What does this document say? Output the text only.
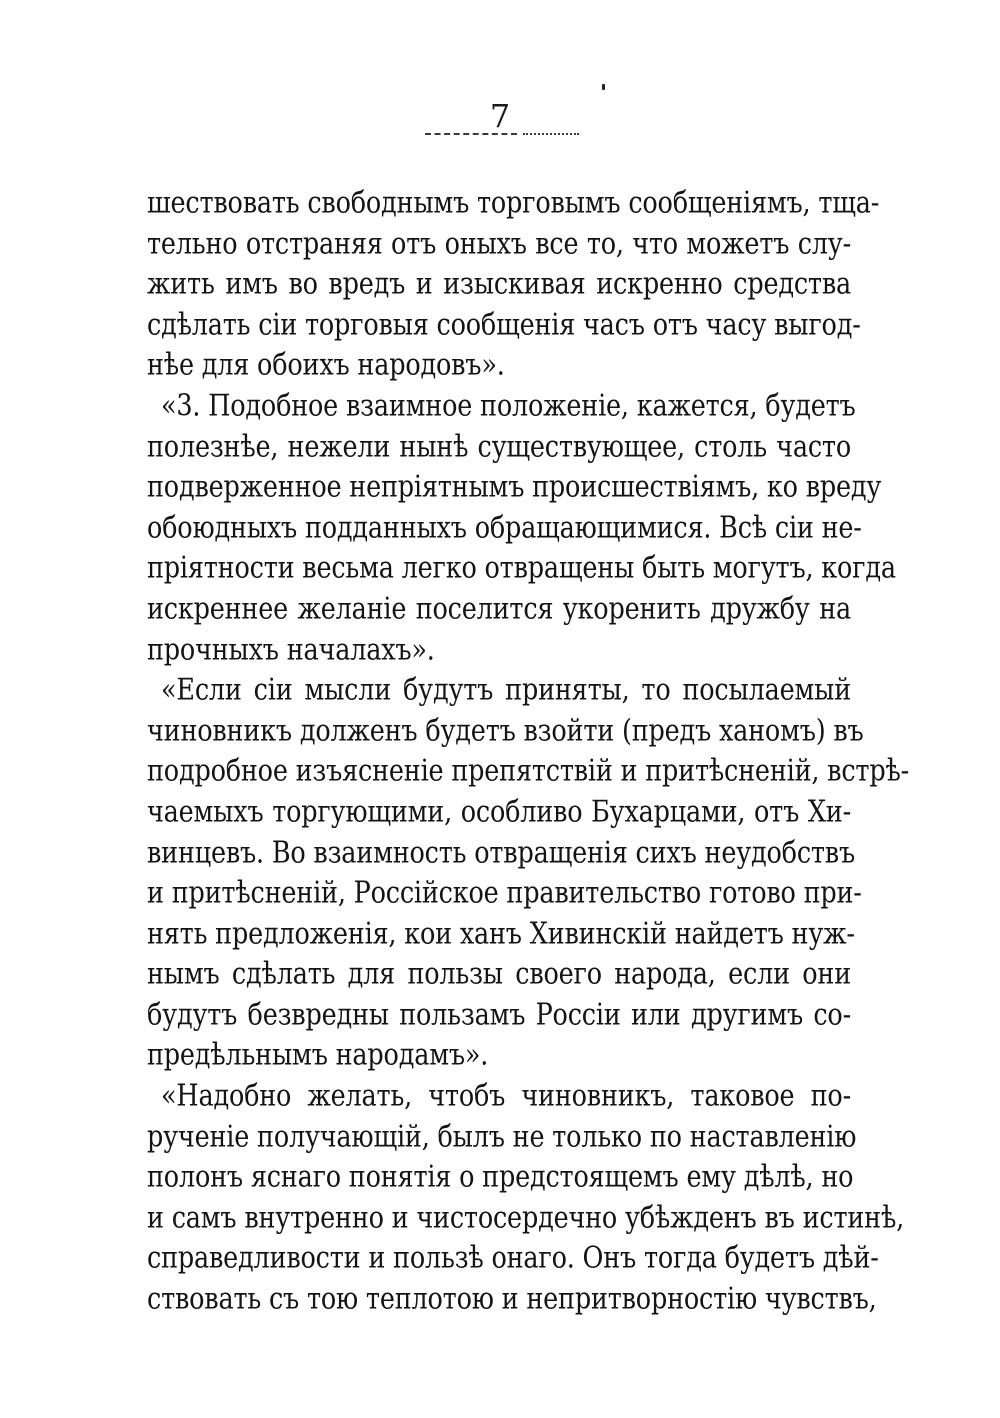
7
шествовать свободнымъ торговымъ сообщеніямъ, тща-
тельно отстраняя отъ оныхъ все то, что можетъ слу-
жить имъ во вредъ и изыскивая искренно средства
сдѣлать сіи торговыя сообщенія часъ отъ часу выгод-
нѣе для обоихъ народовъ».
«3. Подобное взаимное положеніе, кажется, будетъ
полезнѣе, нежели нынѣ существующее, столь часто
подверженное непріятнымъ происшествіямъ, ко вреду
обоюдныхъ подданныхъ обращающимися. Всѣ сіи не-
пріятности весьма легко отвращены быть могутъ, когда
искреннее желаніе поселится укоренить дружбу на
прочныхъ началахъ».
«Если сіи мысли будутъ приняты, то посылаемый
чиновникъ долженъ будетъ взойти (предъ ханомъ) въ
подробное изъясненіе препятствій и притѣсненій, встрѣ-
чаемыхъ торгующими, особливо Бухарцами, отъ Хи-
винцевъ. Во взаимность отвращенія сихъ неудобствъ
и притѣсненій, Россійское правительство готово при-
нять предложенія, кои ханъ Хивинскій найдетъ нуж-
нымъ сдѣлать для пользы своего народа, если они
будутъ безвредны пользамъ Россіи или другимъ со-
предѣльнымъ народамъ».
«Надобно желать, чтобъ чиновникъ, таковое по-
рученіе получающій, былъ не только по наставленію
полонъ яснаго понятія о предстоящемъ ему дѣлѣ, но
и самъ внутренно и чистосердечно убѣжденъ въ истинѣ,
справедливости и пользѣ онаго. Онъ тогда будетъ дѣй-
ствовать съ тою теплотою и непритворностію чувствъ,
